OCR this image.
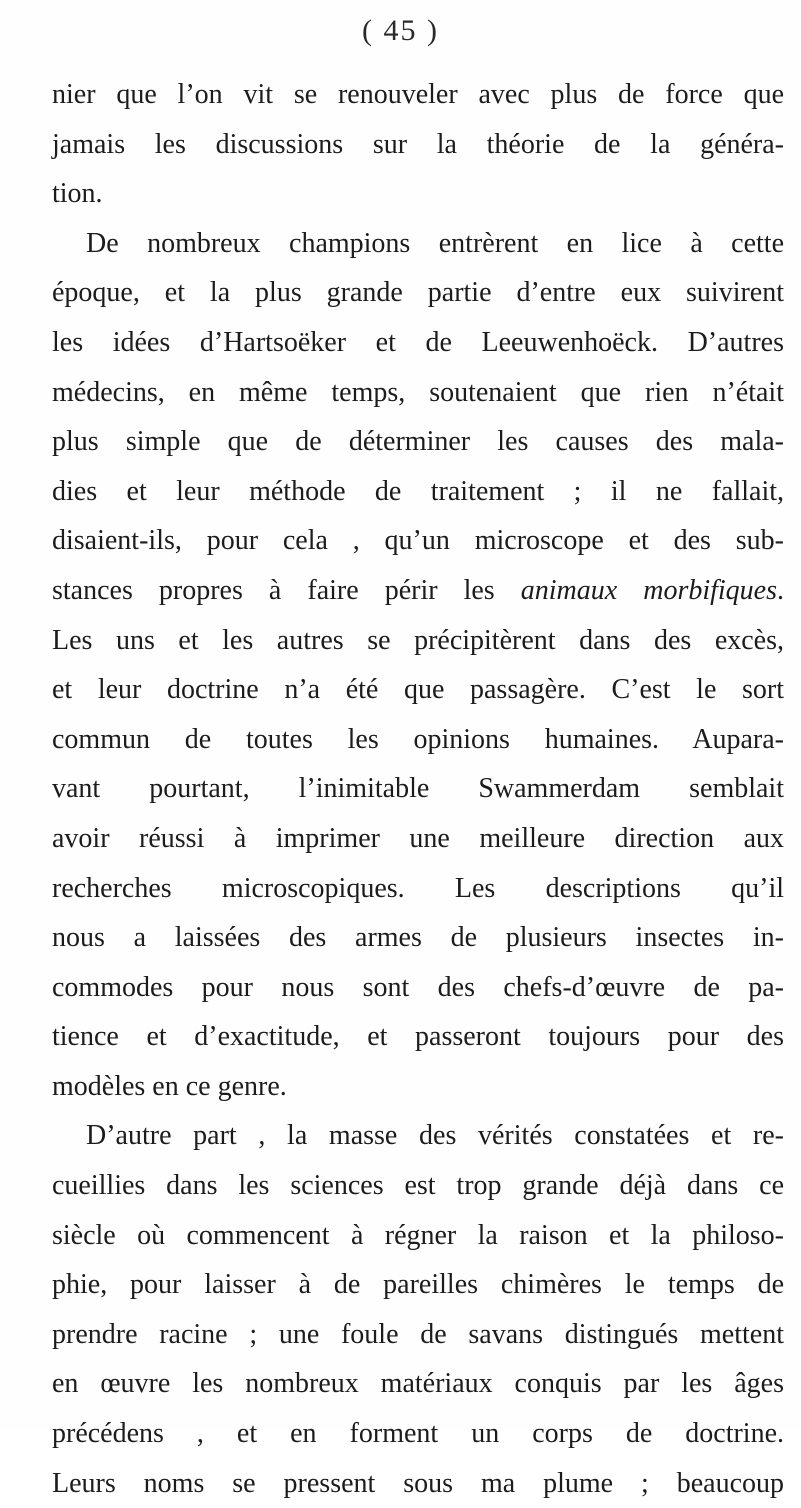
( 45 )
nier que l’on vit se renouveler avec plus de force que
jamais les discussions sur la théorie de la généra-
tion.
De nombreux champions entrèrent en lice à cette
époque, et la plus grande partie d’entre eux suivirent
les idées d’Hartsoëker et de Leeuwenhoëck. D’autres
médecins, en même temps, soutenaient que rien n’était
plus simple que de déterminer les causes des mala-
dies et leur méthode de traitement ; il ne fallait,
disaient-ils, pour cela , qu’un microscope et des sub-
stances propres à faire périr les animaux morbifiques.
Les uns et les autres se précipitèrent dans des excès,
et leur doctrine n’a été que passagère. C’est le sort
commun de toutes les opinions humaines. Aupara-
vant pourtant, l’inimitable Swammerdam semblait
avoir réussi à imprimer une meilleure direction aux
recherches microscopiques. Les descriptions qu’il
nous a laissées des armes de plusieurs insectes in-
commodes pour nous sont des chefs-d’œuvre de pa-
tience et d’exactitude, et passeront toujours pour des
modèles en ce genre.
D’autre part , la masse des vérités constatées et re-
cueillies dans les sciences est trop grande déjà dans ce
siècle où commencent à régner la raison et la philoso-
phie, pour laisser à de pareilles chimères le temps de
prendre racine ; une foule de savans distingués mettent
en œuvre les nombreux matériaux conquis par les âges
précédens , et en forment un corps de doctrine.
Leurs noms se pressent sous ma plume ; beaucoup
